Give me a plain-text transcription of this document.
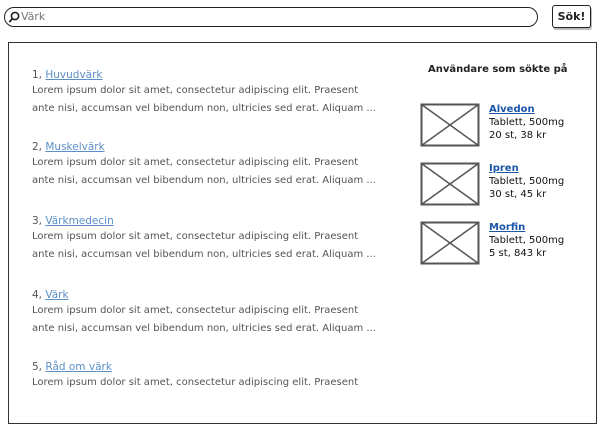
Värk
Sök!
1, Huvudvärk
Lorem ipsum dolor sit amet, consectetur adipiscing elit. Praesent
ante nisi, accumsan vel bibendum non, ultricies sed erat. Aliquam ...
2, Muskelvärk
Lorem ipsum dolor sit amet, consectetur adipiscing elit. Praesent
ante nisi, accumsan vel bibendum non, ultricies sed erat. Aliquam ...
3, Värkmedecin
Lorem ipsum dolor sit amet, consectetur adipiscing elit. Praesent
ante nisi, accumsan vel bibendum non, ultricies sed erat. Aliquam ...
4, Värk
Lorem ipsum dolor sit amet, consectetur adipiscing elit. Praesent
ante nisi, accumsan vel bibendum non, ultricies sed erat. Aliquam ...
5, Råd om värk
Lorem ipsum dolor sit amet, consectetur adipiscing elit. Praesent
Användare som sökte på
Alvedon
Tablett, 500mg
20 st, 38 kr
Ipren
Tablett, 500mg
30 st, 45 kr
Morfin
Tablett, 500mg
5 st, 843 kr
